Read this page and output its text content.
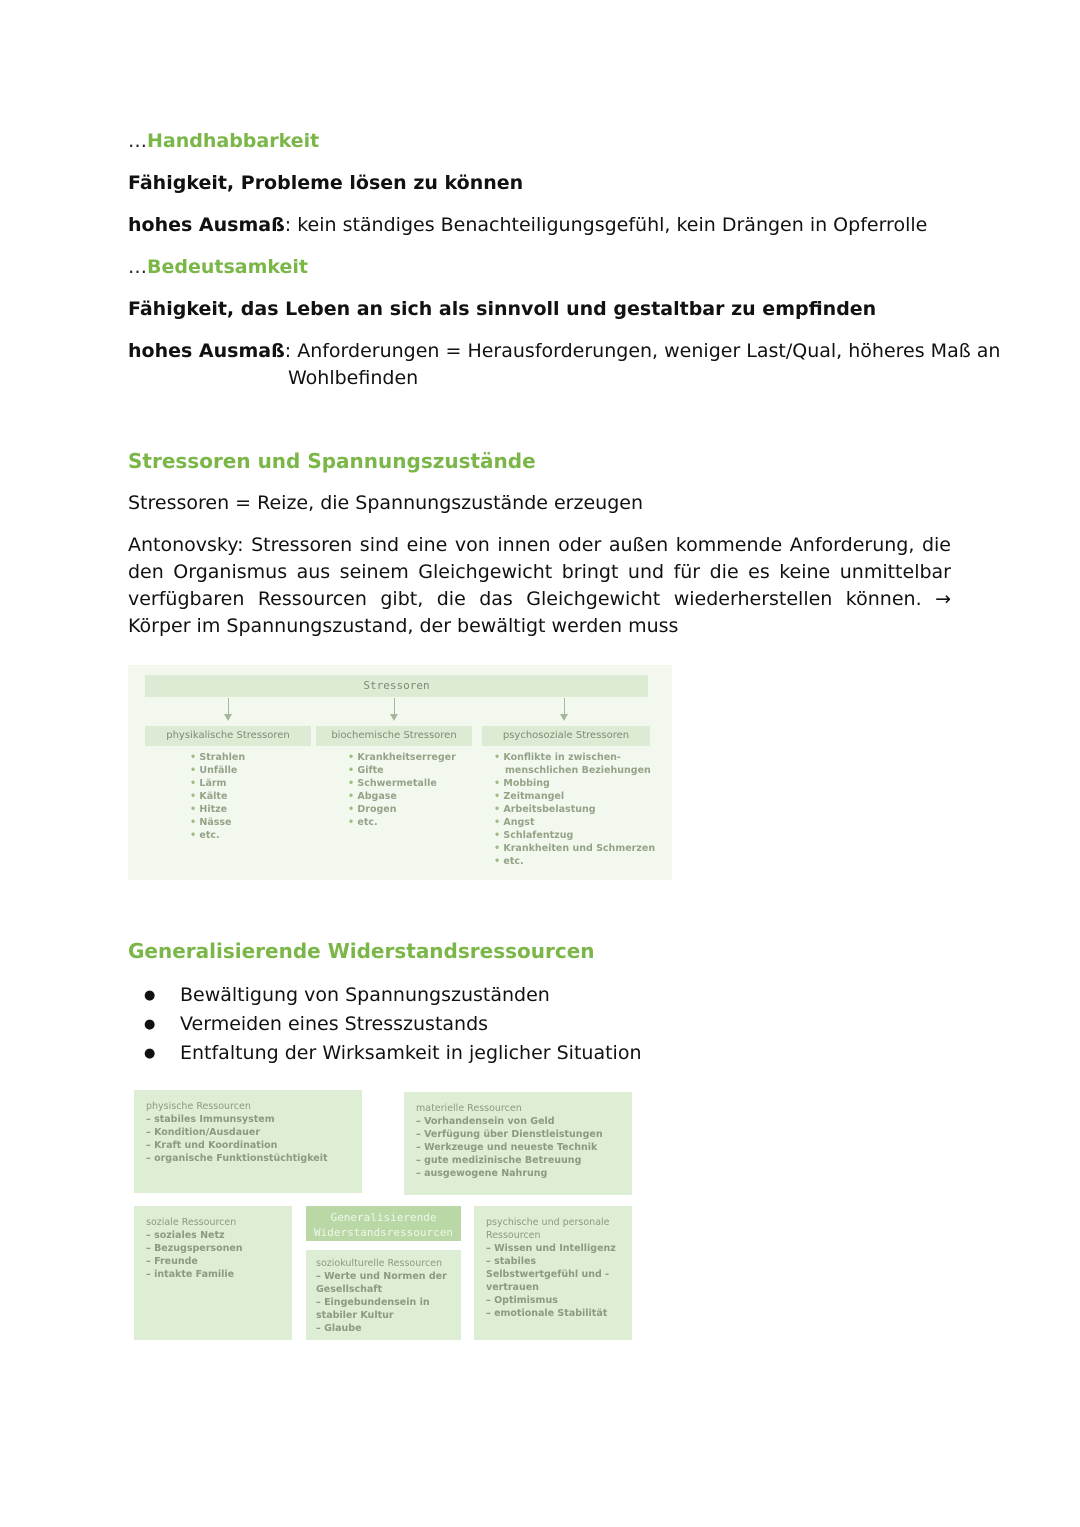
…Handhabbarkeit
Fähigkeit, Probleme lösen zu können
hohes Ausmaß: kein ständiges Benachteiligungsgefühl, kein Drängen in Opferrolle
…Bedeutsamkeit
Fähigkeit, das Leben an sich als sinnvoll und gestaltbar zu empfinden
hohes Ausmaß: Anforderungen = Herausforderungen, weniger Last/Qual, höheres Maß an
Wohlbefinden
Stressoren und Spannungszustände
Stressoren = Reize, die Spannungszustände erzeugen
Antonovsky: Stressoren sind eine von innen oder außen kommende Anforderung, die den Organismus aus seinem Gleichgewicht bringt und für die es keine unmittelbar verfügbaren Ressourcen gibt, die das Gleichgewicht wiederherstellen können. → Körper im Spannungszustand, der bewältigt werden muss
Stressoren
physikalische Stressoren	biochemische Stressoren	psychosoziale Stressoren
• Strahlen
• Unfälle
• Lärm
• Kälte
• Hitze
• Nässe
• etc.
• Krankheitserreger
• Gifte
• Schwermetalle
• Abgase
• Drogen
• etc.
• Konflikte in zwischen-
menschlichen Beziehungen
• Mobbing
• Zeitmangel
• Arbeitsbelastung
• Angst
• Schlafentzug
• Krankheiten und Schmerzen
• etc.
Generalisierende Widerstandsressourcen
● Bewältigung von Spannungszuständen
● Vermeiden eines Stresszustands
● Entfaltung der Wirksamkeit in jeglicher Situation
physische Ressourcen
– stabiles Immunsystem
– Kondition/Ausdauer
– Kraft und Koordination
– organische Funktionstüchtigkeit
materielle Ressourcen
– Vorhandensein von Geld
– Verfügung über Dienstleistungen
– Werkzeuge und neueste Technik
– gute medizinische Betreuung
– ausgewogene Nahrung
soziale Ressourcen
– soziales Netz
– Bezugspersonen
– Freunde
– intakte Familie
Generalisierende
Widerstandsressourcen
soziokulturelle Ressourcen
– Werte und Normen der Gesellschaft
– Eingebundensein in stabiler Kultur
– Glaube
psychische und personale
Ressourcen
– Wissen und Intelligenz
– stabiles Selbstwertgefühl und -vertrauen
– Optimismus
– emotionale Stabilität
